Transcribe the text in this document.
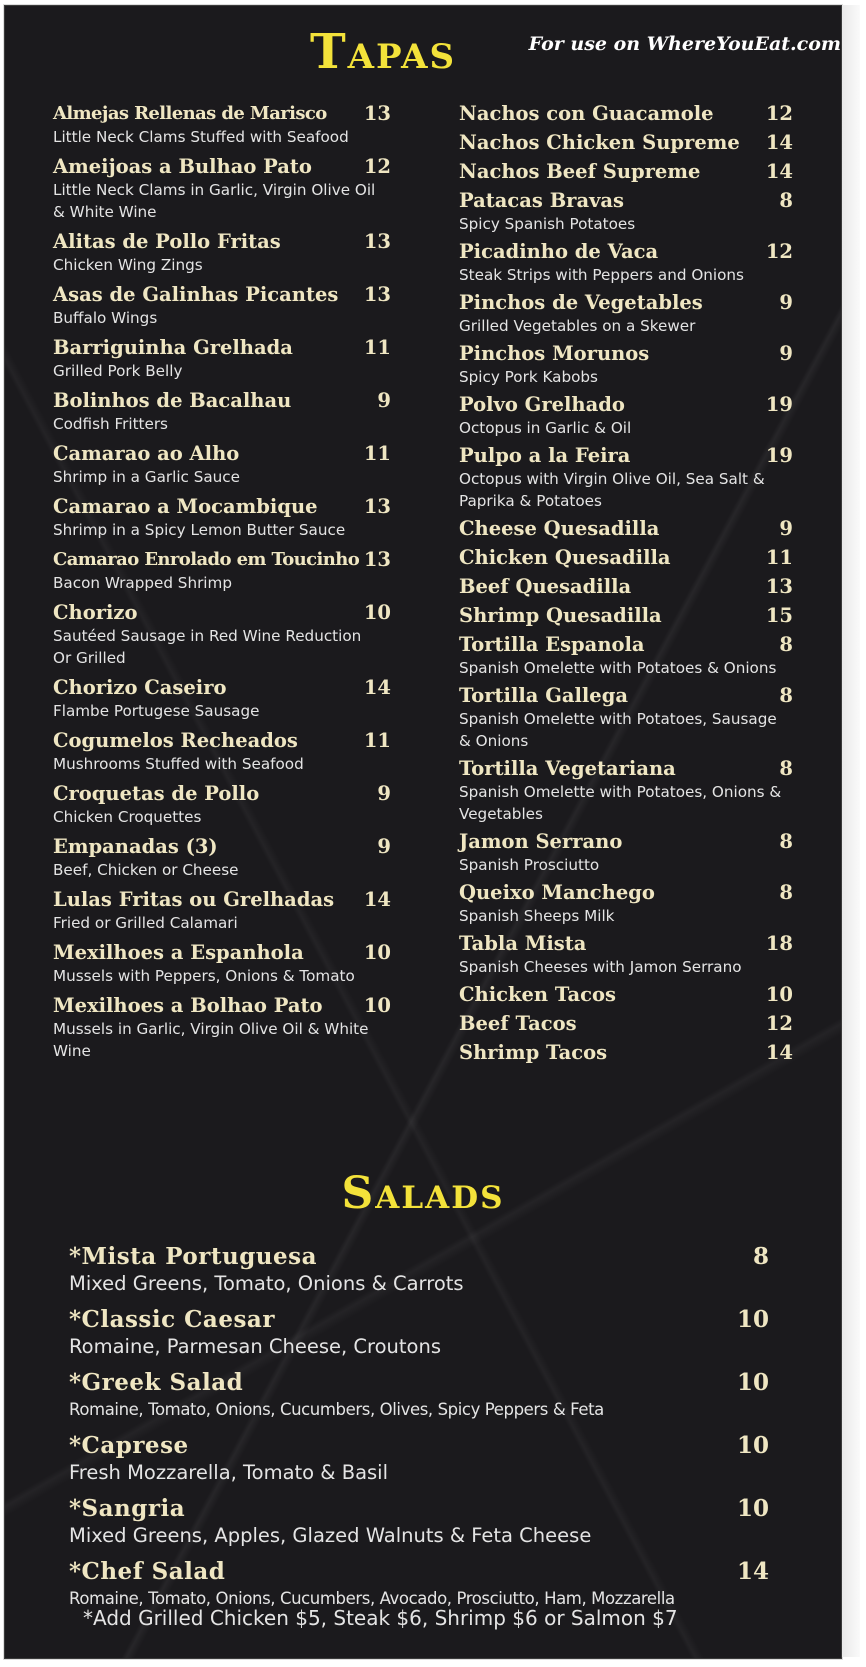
Tapas	For use on WhereYouEat.com
Almejas Rellenas de Marisco	13
Little Neck Clams Stuffed with Seafood
Ameijoas a Bulhao Pato	12
Little Neck Clams in Garlic, Virgin Olive Oil & White Wine
Alitas de Pollo Fritas	13
Chicken Wing Zings
Asas de Galinhas Picantes	13
Buffalo Wings
Barriguinha Grelhada	11
Grilled Pork Belly
Bolinhos de Bacalhau	9
Codfish Fritters
Camarao ao Alho	11
Shrimp in a Garlic Sauce
Camarao a Mocambique	13
Shrimp in a Spicy Lemon Butter Sauce
Camarao Enrolado em Toucinho 13
Bacon Wrapped Shrimp
Chorizo	10
Sautéed Sausage in Red Wine Reduction Or Grilled
Chorizo Caseiro	14
Flambe Portugese Sausage
Cogumelos Recheados	11
Mushrooms Stuffed with Seafood
Croquetas de Pollo	9
Chicken Croquettes
Empanadas (3)	9
Beef, Chicken or Cheese
Lulas Fritas ou Grelhadas	14
Fried or Grilled Calamari
Mexilhoes a Espanhola	10
Mussels with Peppers, Onions & Tomato
Mexilhoes a Bolhao Pato	10
Mussels in Garlic, Virgin Olive Oil & White Wine
Nachos con Guacamole	12
Nachos Chicken Supreme	14
Nachos Beef Supreme	14
Patacas Bravas	8
Spicy Spanish Potatoes
Picadinho de Vaca	12
Steak Strips with Peppers and Onions
Pinchos de Vegetables	9
Grilled Vegetables on a Skewer
Pinchos Morunos	9
Spicy Pork Kabobs
Polvo Grelhado	19
Octopus in Garlic & Oil
Pulpo a la Feira	19
Octopus with Virgin Olive Oil, Sea Salt & Paprika & Potatoes
Cheese Quesadilla	9
Chicken Quesadilla	11
Beef Quesadilla	13
Shrimp Quesadilla	15
Tortilla Espanola	8
Spanish Omelette with Potatoes & Onions
Tortilla Gallega	8
Spanish Omelette with Potatoes, Sausage & Onions
Tortilla Vegetariana	8
Spanish Omelette with Potatoes, Onions & Vegetables
Jamon Serrano	8
Spanish Prosciutto
Queixo Manchego	8
Spanish Sheeps Milk
Tabla Mista	18
Spanish Cheeses with Jamon Serrano
Chicken Tacos	10
Beef Tacos	12
Shrimp Tacos	14
Salads
*Mista Portuguesa	8
Mixed Greens, Tomato, Onions & Carrots
*Classic Caesar	10
Romaine, Parmesan Cheese, Croutons
*Greek Salad	10
Romaine, Tomato, Onions, Cucumbers, Olives, Spicy Peppers & Feta
*Caprese	10
Fresh Mozzarella, Tomato & Basil
*Sangria	10
Mixed Greens, Apples, Glazed Walnuts & Feta Cheese
*Chef Salad	14
Romaine, Tomato, Onions, Cucumbers, Avocado, Prosciutto, Ham, Mozzarella
*Add Grilled Chicken $5, Steak $6, Shrimp $6 or Salmon $7
